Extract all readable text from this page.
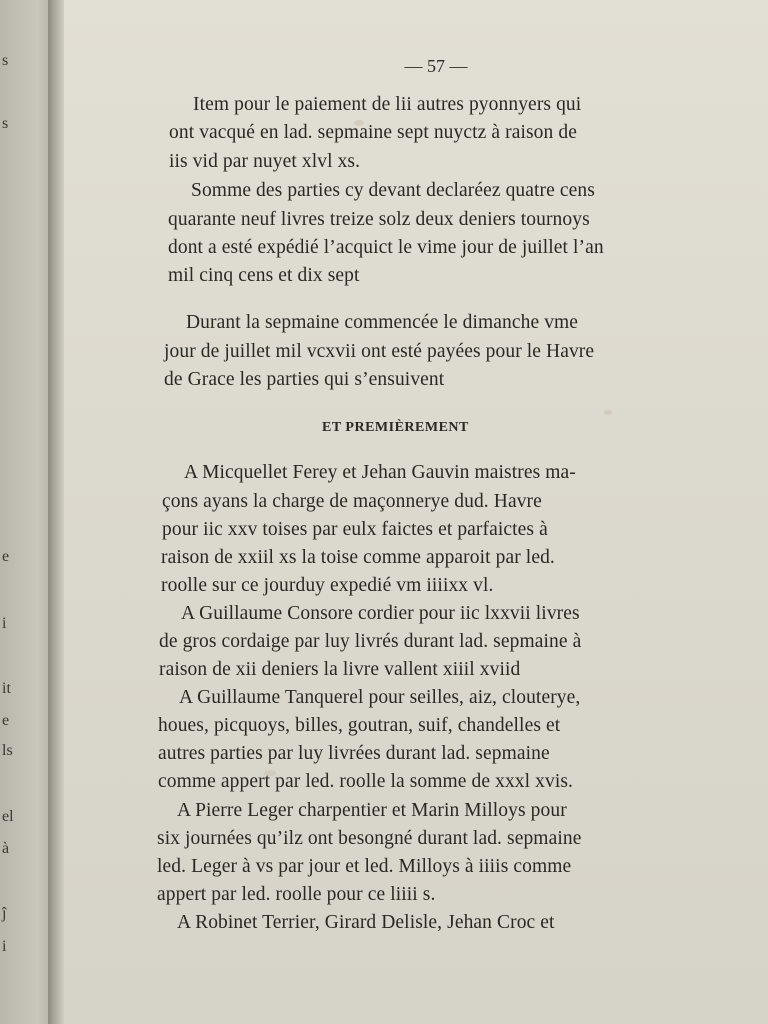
s
s
e
i
it
e
ls
el
à
ĵ
i
— 57 —
Item pour le paiement de lii autres pyonnyers qui
ont vacqué en lad. sepmaine sept nuyctz à raison de
iis vid par nuyet xlvl xs.
Somme des parties cy devant declaréez quatre cens
quarante neuf livres treize solz deux deniers tournoys
dont a esté expédié l’acquict le vime jour de juillet l’an
mil cinq cens et dix sept
Durant la sepmaine commencée le dimanche vme
jour de juillet mil vcxvii ont esté payées pour le Havre
de Grace les parties qui s’ensuivent
ET PREMIÈREMENT
A Micquellet Ferey et Jehan Gauvin maistres ma-
çons ayans la charge de maçonnerye dud. Havre
pour iic xxv toises par eulx faictes et parfaictes à
raison de xxiil xs la toise comme apparoit par led.
roolle sur ce jourduy expedié vm iiiixx vl.
A Guillaume Consore cordier pour iic lxxvii livres
de gros cordaige par luy livrés durant lad. sepmaine à
raison de xii deniers la livre vallent xiiil xviid
A Guillaume Tanquerel pour seilles, aiz, clouterye,
houes, picquoys, billes, goutran, suif, chandelles et
autres parties par luy livrées durant lad. sepmaine
comme appert par led. roolle la somme de xxxl xvis.
A Pierre Leger charpentier et Marin Milloys pour
six journées qu’ilz ont besongné durant lad. sepmaine
led. Leger à vs par jour et led. Milloys à iiiis comme
appert par led. roolle pour ce liiii s.
A Robinet Terrier, Girard Delisle, Jehan Croc et
